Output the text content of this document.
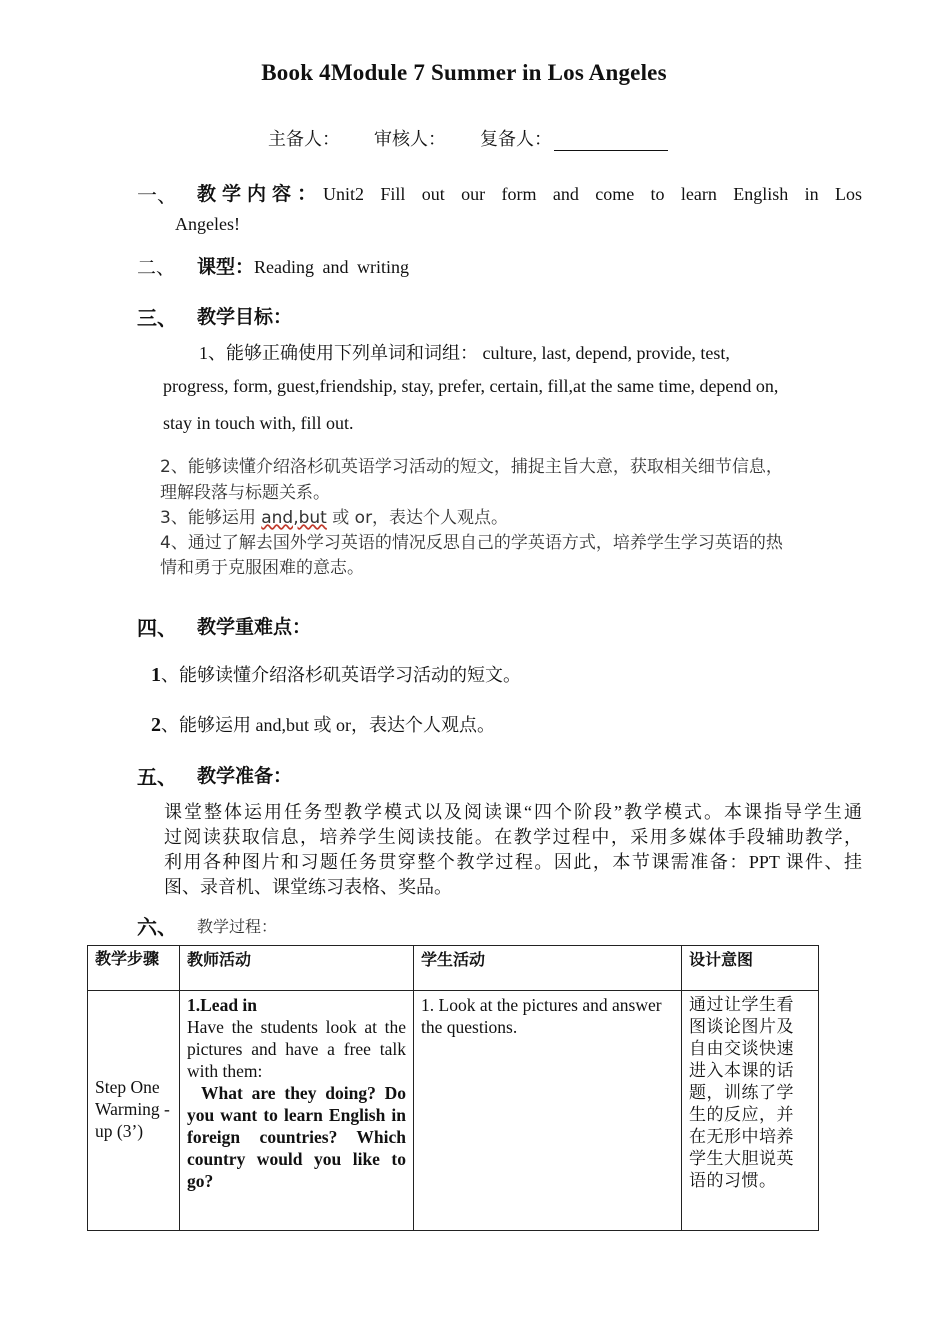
Book 4Module 7 Summer in Los Angeles
主备人： 审核人： 复备人：
一、 教学内容 ： Unit2 Fill out our form and come to learn English in Los
Angeles!
二、 课型：Reading and writing
三、 教学目标：
1、能够正确使用下列单词和词组： culture, last, depend, provide, test,
progress, form, guest,friendship, stay, prefer, certain, fill,at the same time, depend on,
stay in touch with, fill out.
2、能够读懂介绍洛杉矶英语学习活动的短文，捕捉主旨大意，获取相关细节信息，
理解段落与标题关系。
3、能够运用 and,but 或 or，表达个人观点。
4、通过了解去国外学习英语的情况反思自己的学英语方式，培养学生学习英语的热
情和勇于克服困难的意志。
四、 教学重难点：
1、能够读懂介绍洛杉矶英语学习活动的短文。
2、能够运用 and,but 或 or，表达个人观点。
五、 教学准备：
课堂整体运用任务型教学模式以及阅读课“四个阶段”教学模式。本课指导学生通
过阅读获取信息，培养学生阅读技能。在教学过程中，采用多媒体手段辅助教学，
利用各种图片和习题任务贯穿整个教学过程。因此，本节课需准备：PPT 课件、挂
图、录音机、课堂练习表格、奖品。
六、 教学过程：
教学步骤	教师活动	学生活动	设计意图
Step One Warming -up (3’)	1.Lead in
Have the students look at the pictures and have a free talk with them:
What are they doing? Do you want to learn English in foreign countries? Which country would you like to go?	1. Look at the pictures and answer the questions.	通过让学生看图谈论图片及自由交谈快速进入本课的话题，训练了学生的反应，并在无形中培养学生大胆说英语的习惯。
